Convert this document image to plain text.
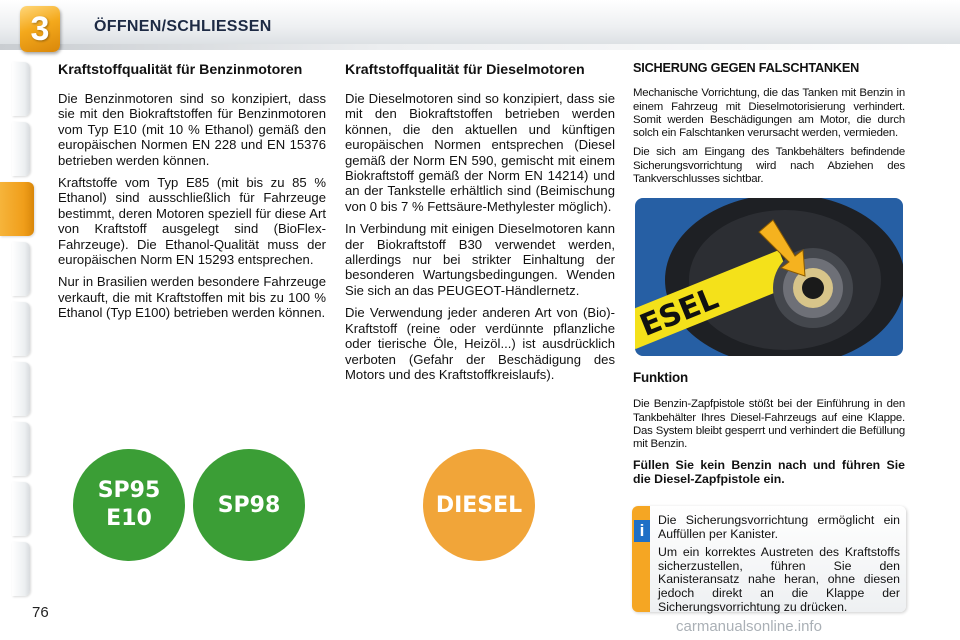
3	ÖFFNEN/SCHLIESSEN
Kraftstoffqualität für Benzinmotoren

Die Benzinmotoren sind so konzipiert, dass sie mit den Biokraftstoffen für Benzinmotoren vom Typ E10 (mit 10 % Ethanol) gemäß den europäischen Normen EN 228 und EN 15376 betrieben werden können.

Kraftstoffe vom Typ E85 (mit bis zu 85 % Ethanol) sind ausschließlich für Fahrzeuge bestimmt, deren Motoren speziell für diese Art von Kraftstoff ausgelegt sind (BioFlex-Fahrzeuge). Die Ethanol-Qualität muss der europäischen Norm EN 15293 entsprechen.

Nur in Brasilien werden besondere Fahrzeuge verkauft, die mit Kraftstoffen mit bis zu 100 % Ethanol (Typ E100) betrieben werden können.

Kraftstoffqualität für Dieselmotoren

Die Dieselmotoren sind so konzipiert, dass sie mit den Biokraftstoffen betrieben werden können, die den aktuellen und künftigen europäischen Normen entsprechen (Diesel gemäß der Norm EN 590, gemischt mit einem Biokraftstoff gemäß der Norm EN 14214) und an der Tankstelle erhältlich sind (Beimischung von 0 bis 7 % Fettsäure-Methylester möglich).

In Verbindung mit einigen Dieselmotoren kann der Biokraftstoff B30 verwendet werden, allerdings nur bei strikter Einhaltung der besonderen Wartungsbedingungen. Wenden Sie sich an das PEUGEOT-Händlernetz.

Die Verwendung jeder anderen Art von (Bio)-Kraftstoff (reine oder verdünnte pflanzliche oder tierische Öle, Heizöl...) ist ausdrücklich verboten (Gefahr der Beschädigung des Motors und des Kraftstoffkreislaufs).

SICHERUNG GEGEN FALSCHTANKEN

Mechanische Vorrichtung, die das Tanken mit Benzin in einem Fahrzeug mit Dieselmotorisierung verhindert. Somit werden Beschädigungen am Motor, die durch solch ein Falschtanken verursacht werden, vermieden.

Die sich am Eingang des Tankbehälters befindende Sicherungsvorrichtung wird nach Abziehen des Tankverschlusses sichtbar.

ESEL
Funktion

Die Benzin-Zapfpistole stößt bei der Einführung in den Tankbehälter Ihres Diesel-Fahrzeugs auf eine Klappe. Das System bleibt gesperrt und verhindert die Befüllung mit Benzin.

Füllen Sie kein Benzin nach und führen Sie die Diesel-Zapfpistole ein.

SP95
E10
SP98	DIESEL
i

Die Sicherungsvorrichtung ermöglicht ein Auffüllen per Kanister.

Um ein korrektes Austreten des Kraftstoffs sicherzustellen, führen Sie den Kanisteransatz nahe heran, ohne diesen jedoch direkt an die Klappe der Sicherungsvorrichtung zu drücken.

76
carmanualsonline.info
